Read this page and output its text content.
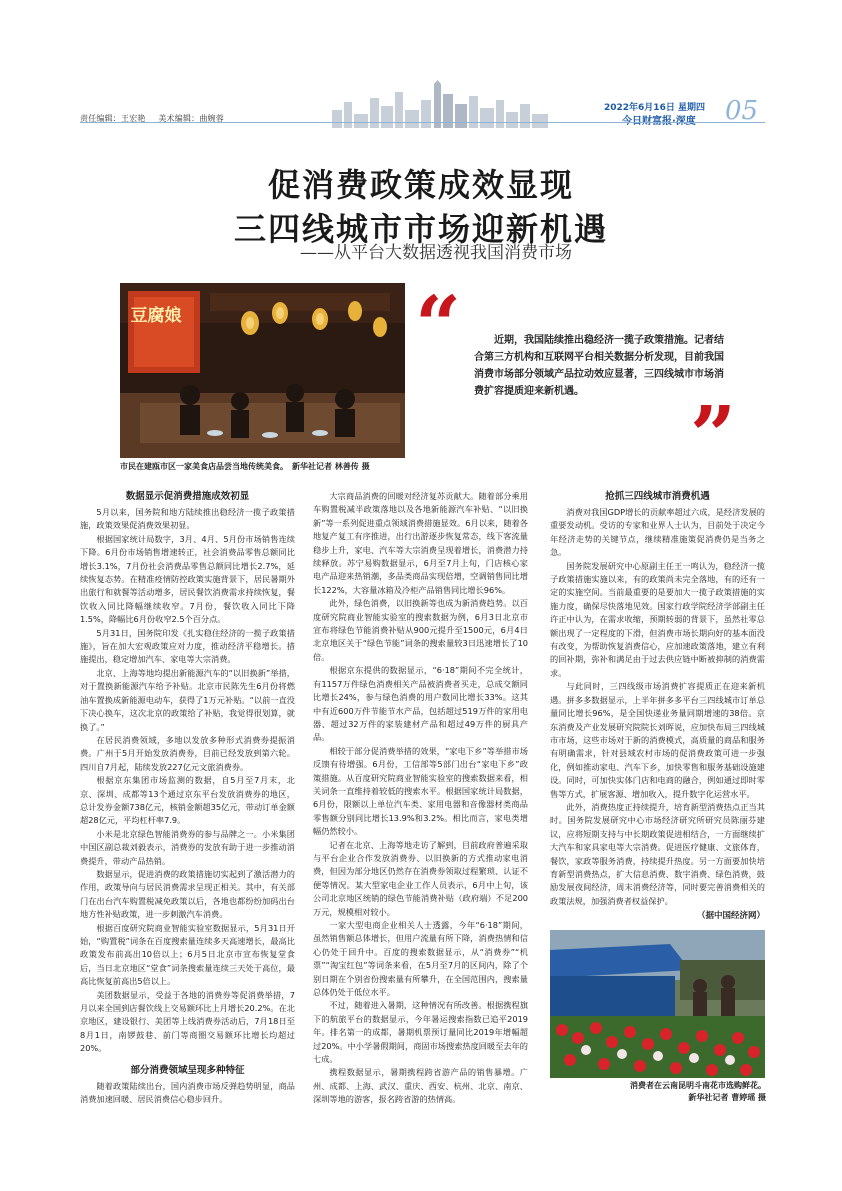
责任编辑：王宏艳 美术编辑：曲婉蓉
2022年6月16日 星期四
今日财富报·深度 05
促消费政策成效显现
三四线城市市场迎新机遇
——从平台大数据透视我国消费市场
豆腐娘
市民在建瓯市区一家美食店品尝当地传统美食。　新华社记者 林善传 摄
“	近期，我国陆续推出稳经济一揽子政策措施。记者结合第三方机构和互联网平台相关数据分析发现，目前我国消费市场部分领域产品拉动效应显著，三四线城市市场消费扩容提质迎来新机遇。	”
数据显示促消费措施成效初显

5月以来，国务院和地方陆续推出稳经济一揽子政策措施，政策效果促消费效果初显。

根据国家统计局数字，3月、4月、5月份市场销售连续下降。6月份市场销售增速转正，社会消费品零售总额同比增长3.1%，7月份社会消费品零售总额同比增长2.7%，延续恢复态势。在精准疫情防控政策实施背景下，居民暑期外出旅行和就餐等活动增多，居民餐饮消费需求持续恢复，餐饮收入同比降幅继续收窄。7月份，餐饮收入同比下降1.5%，降幅比6月份收窄2.5个百分点。

5月31日，国务院印发《扎实稳住经济的一揽子政策措施》，旨在加大宏观政策应对力度，推动经济平稳增长。措施提出，稳定增加汽车、家电等大宗消费。

北京、上海等地均提出新能源汽车的“以旧换新”举措，对于置换新能源汽车给予补贴。北京市民陈先生6月份将燃油车置换成新能源电动车，获得了1万元补贴。“以前一直没下决心换车，这次北京的政策给了补贴，我觉得很划算，就换了。”

在居民消费领域，多地以发放多种形式消费券提振消费。广州于5月开始发放消费券，目前已经发放到第六轮。四川自7月起，陆续发放227亿元文旅消费券。

根据京东集团市场监测的数据，自5月至7月末，北京、深圳、成都等13个通过京东平台发放消费券的地区，总计发券金额738亿元，核销金额超35亿元，带动订单金额超28亿元，平均杠杆率7.9。

小米是北京绿色智能消费券的参与品牌之一。小米集团中国区副总裁刘毅表示，消费券的发放有助于进一步推动消费提升，带动产品热销。

数据显示，促进消费的政策措施切实起到了激活潜力的作用，政策导向与居民消费需求呈现正相关。其中，有关部门在出台汽车购置税减免政策以后，各地也都纷纷加码出台地方性补贴政策，进一步刺激汽车消费。

根据百度研究院商业智能实验室数据显示，5月31日开始，“购置税”词条在百度搜索量连续多天高速增长，最高比政策发布前高出10倍以上；6月5日北京市宣布恢复堂食后，当日北京地区“堂食”词条搜索量连续三天处于高位，最高比恢复前高出5倍以上。

美团数据显示，受益于各地的消费券等促消费举措，7月以来全国到店餐饮线上交易额环比上月增长20.2%。在北京地区，建设银行、美团等上线消费券活动后，7月18日至8月1日，南锣鼓巷、前门等商圈交易额环比增长均超过20%。

部分消费领域呈现多种特征

随着政策陆续出台，国内消费市场反弹趋势明显，商品消费加速回暖、居民消费信心稳步回升。

大宗商品消费的回暖对经济复苏贡献大。随着部分乘用车购置税减半政策落地以及各地新能源汽车补贴、“以旧换新”等一系列促进重点领域消费措施显效。6月以来，随着各地复产复工有序推进，出行出游逐步恢复常态，线下客流量稳步上升，家电、汽车等大宗消费呈现着增长，消费潜力持续释放。苏宁易购数据显示，6月至7月上旬，门店核心家电产品迎来热销潮，多品类商品实现倍增，空调销售同比增长122%，大容量冰箱及冷柜产品销售同比增长96%。

此外，绿色消费，以旧换新等也成为新消费趋势。以百度研究院商业智能实验室的搜索数据为例，6月3日北京市宣布将绿色节能消费补贴从900元提升至1500元，6月4日北京地区关于“绿色节能”词条的搜索量较3日迅速增长了10倍。

根据京东提供的数据显示，“6·18”期间不完全统计，有1157万件绿色消费相关产品被消费者买走，总成交额同比增长24%，参与绿色消费的用户数同比增长33%。这其中有近600万件节能节水产品，包括超过519万件的家用电器、超过32万件的家装建材产品和超过49万件的厨具产品。

相较于部分促消费举措的效果，“家电下乡”等举措市场反馈有待增强。6月份，工信部等5部门出台“家电下乡”政策措施。从百度研究院商业智能实验室的搜索数据来看，相关词条一直维持着较低的搜索水平。根据国家统计局数据，6月份，限额以上单位汽车类、家用电器和音像器材类商品零售额分别同比增长13.9%和3.2%。相比而言，家电类增幅仍然较小。

记者在北京、上海等地走访了解到，目前政府普遍采取与平台企业合作发放消费券、以旧换新的方式推动家电消费，但因为部分地区仍然存在消费券领取过程繁琐、认证不便等情况。某大型家电企业工作人员表示，6月中上旬，该公司北京地区统销的绿色节能消费补贴（政府端）不足200万元，规模相对较小。

一家大型电商企业相关人士透露，今年“6·18”期间，虽然销售额总体增长，但用户流量有所下降，消费热情和信心仍处于回升中。百度的搜索数据显示，从“消费券”“机票”“淘宝红包”等词条来看，在5月至7月的区间内，除了个别日期在个别省份搜索量有所攀升，在全国范围内，搜索量总体仍处于低位水平。

不过，随着进入暑期，这种情况有所改善。根据携程旗下的航旅平台的数据显示，今年暑运搜索指数已追平2019年。排名第一的成都，暑期机票预订量同比2019年增幅超过20%。中小学暑假期间，商固市场搜索热度回暖至去年的七成。

携程数据显示，暑期携程跨省游产品的销售暴增。广州、成都、上海、武汉、重庆、西安、杭州、北京、南京、深圳等地的游客，报名跨省游的热情高。

抢抓三四线城市消费机遇

消费对我国GDP增长的贡献率超过六成，是经济发展的重要发动机。受访的专家和业界人士认为，目前处于决定今年经济走势的关键节点，继续精准施策促消费仍是当务之急。

国务院发展研究中心原副主任王一鸣认为，稳经济一揽子政策措施实施以来，有的政策尚未完全落地，有的还有一定的实施空间。当前最重要的是要加大一揽子政策措施的实施力度，确保尽快落地见效。国家行政学院经济学部副主任许正中认为，在需求收缩，预期转弱的背景下，虽然社零总额出现了一定程度的下滑，但消费市场长期向好的基本面没有改变，为帮助恢复消费信心，应加速政策落地，建立有利的回补期，弥补和满足由于过去供应链中断被抑制的消费需求。

与此同时，三四线级市场消费扩容提质正在迎来新机遇。拼多多数据显示，上半年拼多多平台三四线城市订单总量同比增长96%，是全国快递业务量同期增速的38倍。京东消费及产业发展研究院院长刘晖说，应加快布局三四线城市市场，这些市场对于新的消费模式，高质量的商品和服务有明确需求，针对县域农村市场的促消费政策可进一步强化，例如推动家电、汽车下乡，加快零售和服务基础设施建设。同时，可加快实体门店和电商的融合，例如通过即时零售等方式，扩展客源、增加收入，提升数字化运营水平。

此外，消费热度正持续提升，培育新型消费热点正当其时。国务院发展研究中心市场经济研究所研究员陈丽芬建议，应将短期支持与中长期政策促进相结合，一方面继续扩大汽车和家具家电等大宗消费。促进医疗健康、文旅体育，餐饮，家政等服务消费，持续提升热度。另一方面要加快培育新型消费热点，扩大信息消费、数字消费、绿色消费，鼓励发展夜间经济，周末消费经济等，同时要完善消费相关的政策法规，加强消费者权益保护。

（据中国经济网）
消费者在云南昆明斗南花市选购鲜花。
新华社记者 曹婷瑶 摄
